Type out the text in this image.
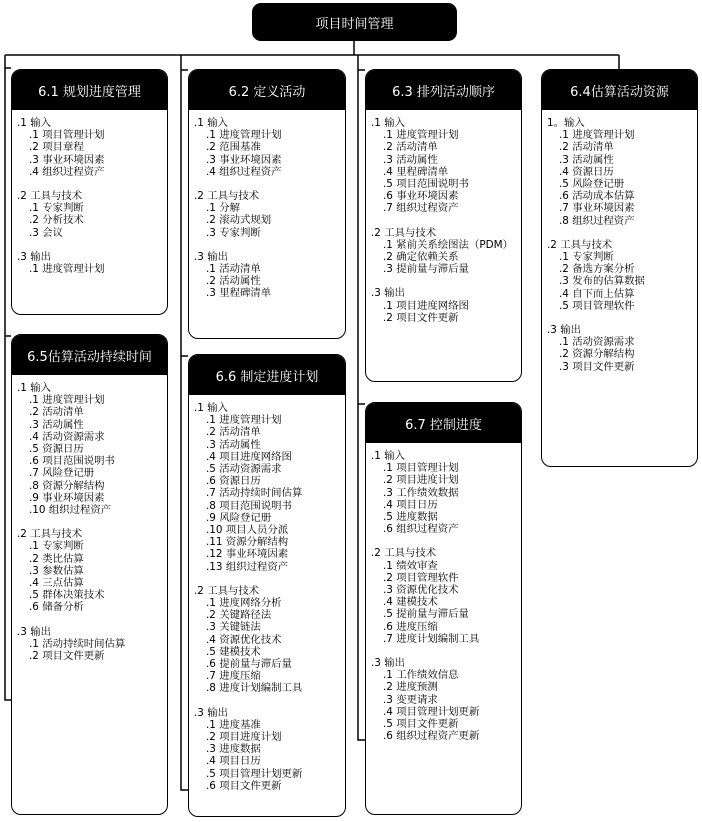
项目时间管理
6.1 规划进度管理
.1 输入
.1 项目管理计划
.2 项目章程
.3 事业环境因素
.4 组织过程资产
.2 工具与技术
.1 专家判断
.2 分析技术
.3 会议
.3 输出
.1 进度管理计划
6.2 定义活动
.1 输入
.1 进度管理计划
.2 范围基准
.3 事业环境因素
.4 组织过程资产
.2 工具与技术
.1 分解
.2 滚动式规划
.3 专家判断
.3 输出
.1 活动清单
.2 活动属性
.3 里程碑清单
6.3 排列活动顺序
.1 输入
.1 进度管理计划
.2 活动清单
.3 活动属性
.4 里程碑清单
.5 项目范围说明书
.6 事业环境因素
.7 组织过程资产
.2 工具与技术
.1 紧前关系绘图法（PDM）
.2 确定依赖关系
.3 提前量与滞后量
.3 输出
.1 项目进度网络图
.2 项目文件更新
6.4估算活动资源
1。输入
.1 进度管理计划
.2 活动清单
.3 活动属性
.4 资源日历
.5 风险登记册
.6 活动成本估算
.7 事业环境因素
.8 组织过程资产
.2 工具与技术
.1 专家判断
.2 备选方案分析
.3 发布的估算数据
.4 自下而上估算
.5 项目管理软件
.3 输出
.1 活动资源需求
.2 资源分解结构
.3 项目文件更新
6.5估算活动持续时间
.1 输入
.1 进度管理计划
.2 活动清单
.3 活动属性
.4 活动资源需求
.5 资源日历
.6 项目范围说明书
.7 风险登记册
.8 资源分解结构
.9 事业环境因素
.10 组织过程资产
.2 工具与技术
.1 专家判断
.2 类比估算
.3 参数估算
.4 三点估算
.5 群体决策技术
.6 储备分析
.3 输出
.1 活动持续时间估算
.2 项目文件更新
6.6 制定进度计划
.1 输入
.1 进度管理计划
.2 活动清单
.3 活动属性
.4 项目进度网络图
.5 活动资源需求
.6 资源日历
.7 活动持续时间估算
.8 项目范围说明书
.9 风险登记册
.10 项目人员分派
.11 资源分解结构
.12 事业环境因素
.13 组织过程资产
.2 工具与技术
.1 进度网络分析
.2 关键路径法
.3 关键链法
.4 资源优化技术
.5 建模技术
.6 提前量与滞后量
.7 进度压缩
.8 进度计划编制工具
.3 输出
.1 进度基准
.2 项目进度计划
.3 进度数据
.4 项目日历
.5 项目管理计划更新
.6 项目文件更新
6.7 控制进度
.1 输入
.1 项目管理计划
.2 项目进度计划
.3 工作绩效数据
.4 项目日历
.5 进度数据
.6 组织过程资产
.2 工具与技术
.1 绩效审查
.2 项目管理软件
.3 资源优化技术
.4 建模技术
.5 提前量与滞后量
.6 进度压缩
.7 进度计划编制工具
.3 输出
.1 工作绩效信息
.2 进度预测
.3 变更请求
.4 项目管理计划更新
.5 项目文件更新
.6 组织过程资产更新
